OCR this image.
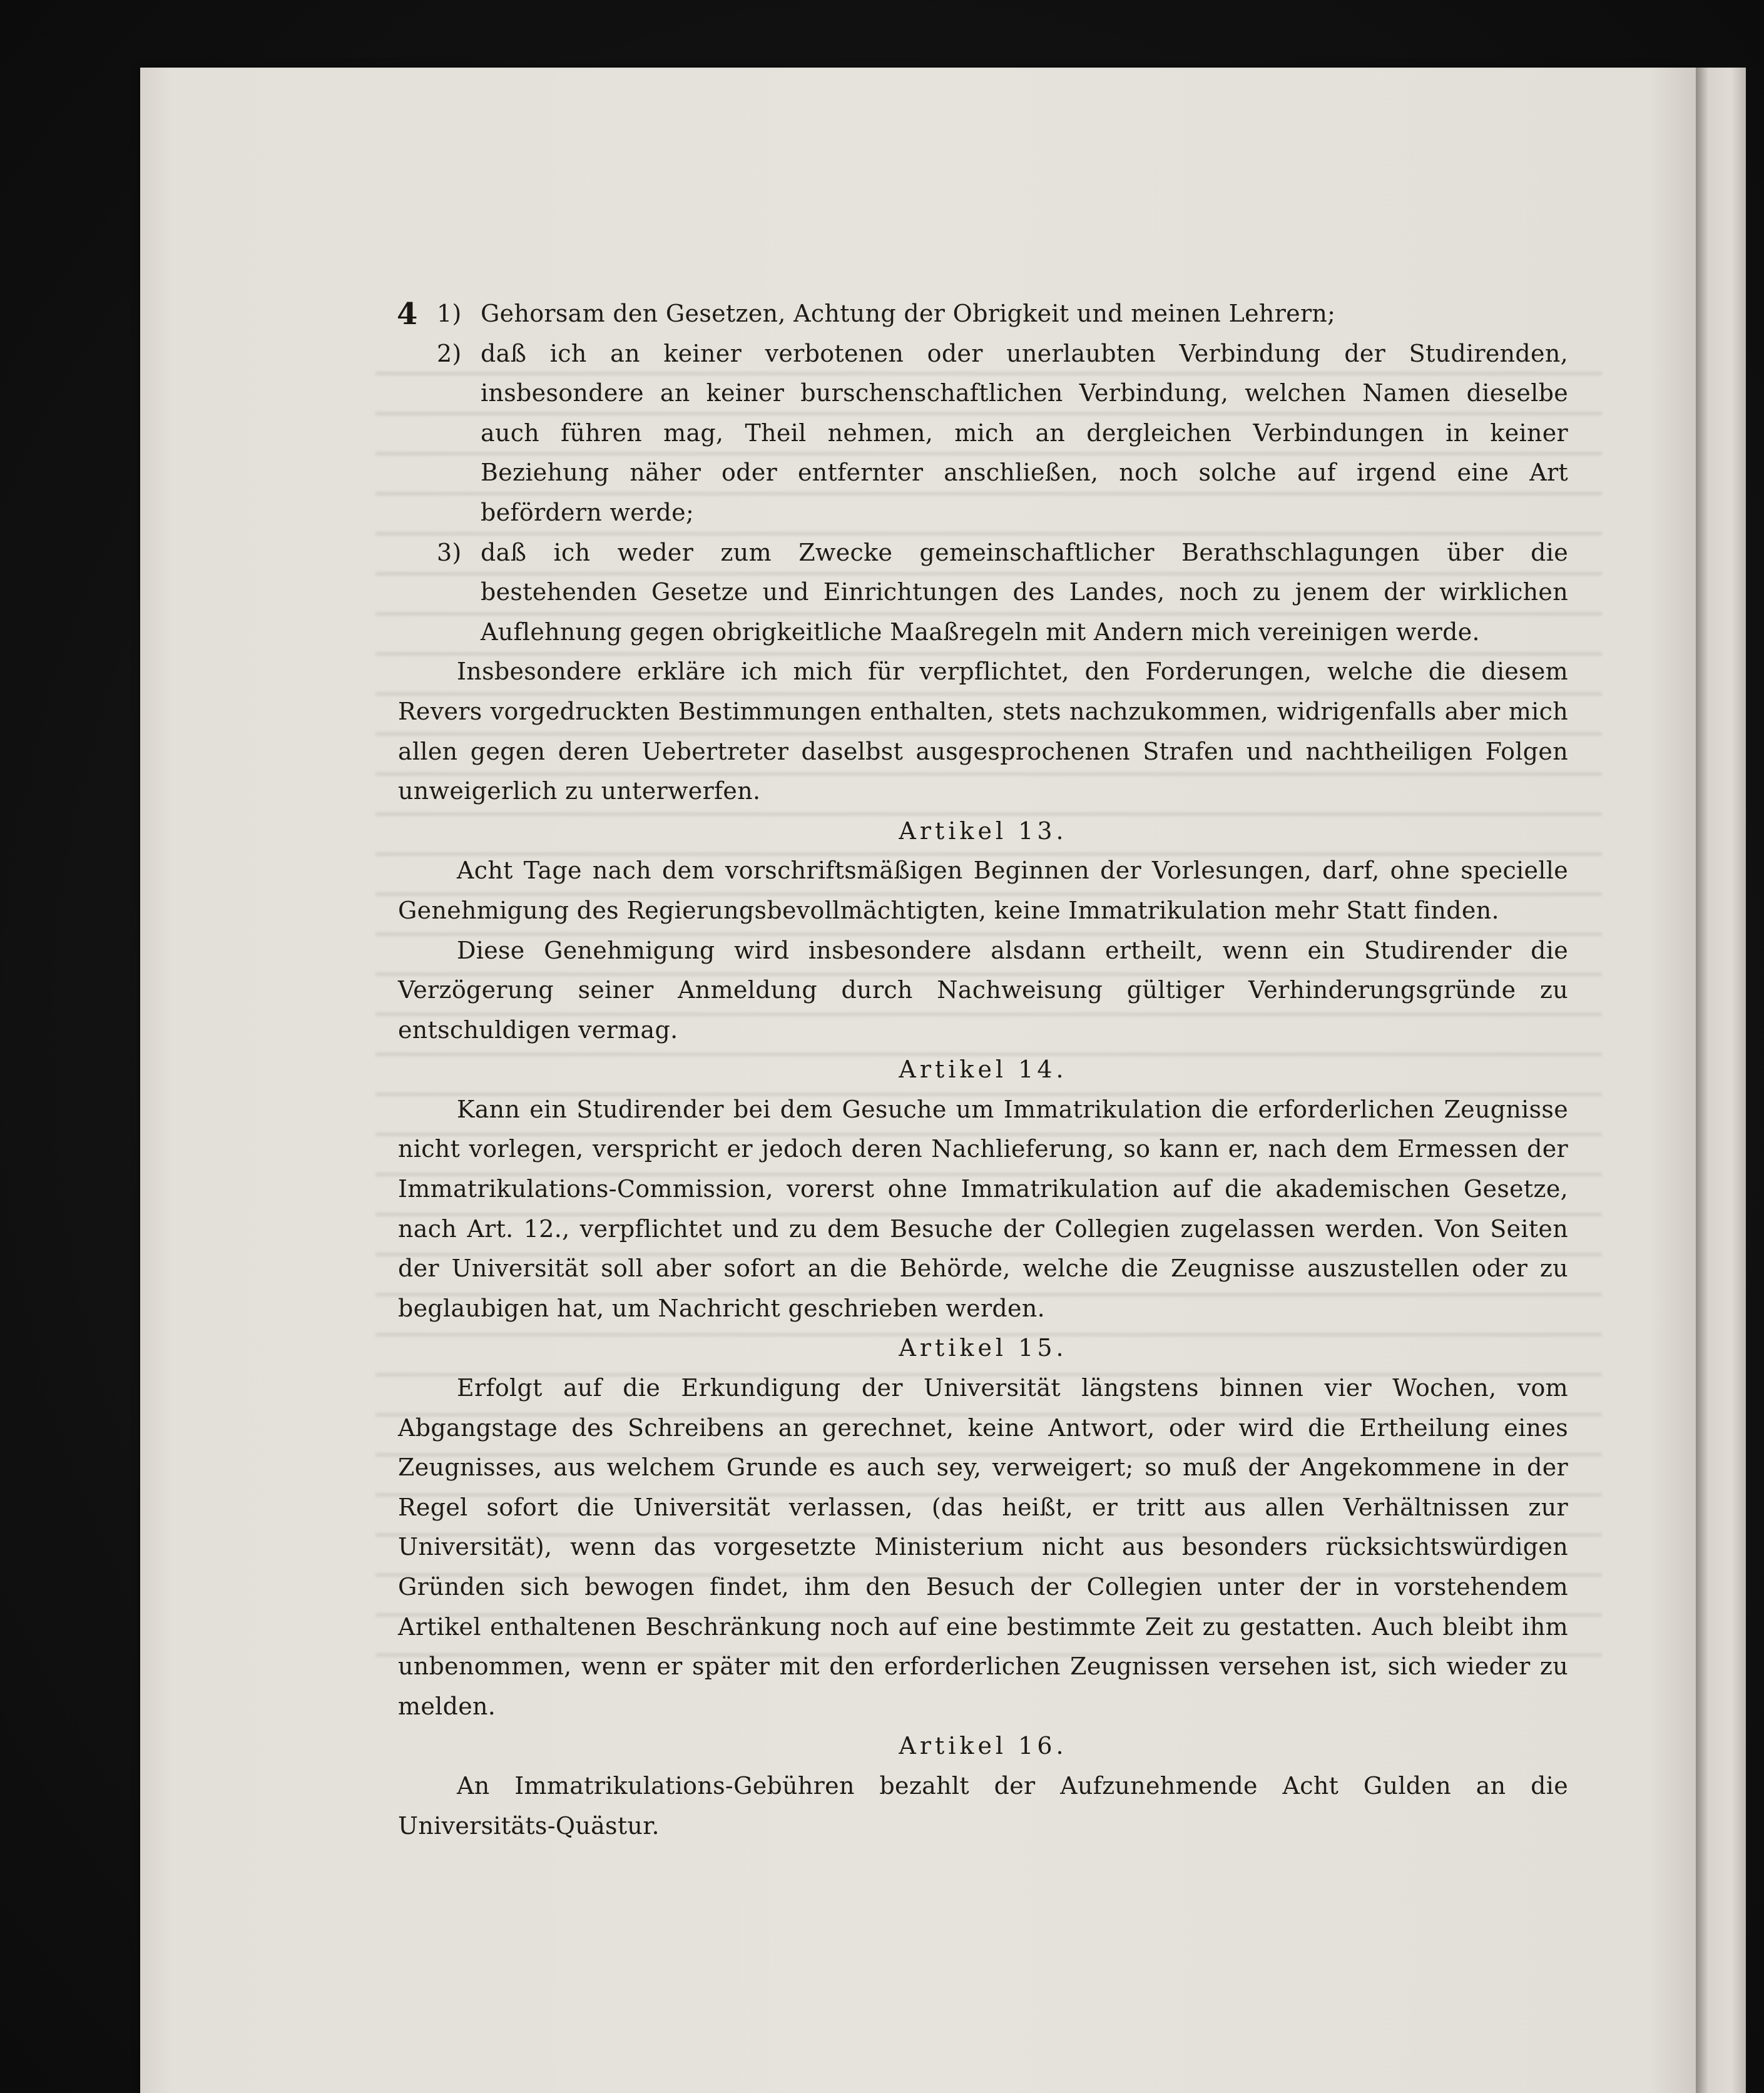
4 1) Gehorsam den Gesetzen, Achtung der Obrigkeit und meinen Lehrern;
2) daß ich an keiner verbotenen oder unerlaubten Verbindung der Studirenden, insbesondere an keiner burschenschaftlichen Verbindung, welchen Namen dieselbe auch führen mag, Theil nehmen, mich an dergleichen Verbindungen in keiner Beziehung näher oder entfernter anschließen, noch solche auf irgend eine Art befördern werde;
3) daß ich weder zum Zwecke gemeinschaftlicher Berathschlagungen über die bestehenden Gesetze und Einrichtungen des Landes, noch zu jenem der wirklichen Auflehnung gegen obrigkeitliche Maaßregeln mit Andern mich vereinigen werde.

Insbesondere erkläre ich mich für verpflichtet, den Forderungen, welche die diesem Revers vorgedruckten Bestimmungen enthalten, stets nachzukommen, widrigenfalls aber mich allen gegen deren Uebertreter daselbst ausgesprochenen Strafen und nachtheiligen Folgen unweigerlich zu unterwerfen.

Artikel 13.

Acht Tage nach dem vorschriftsmäßigen Beginnen der Vorlesungen, darf, ohne specielle Genehmigung des Regierungsbevollmächtigten, keine Immatrikulation mehr Statt finden.

Diese Genehmigung wird insbesondere alsdann ertheilt, wenn ein Studirender die Verzögerung seiner Anmeldung durch Nachweisung gültiger Verhinderungsgründe zu entschuldigen vermag.

Artikel 14.

Kann ein Studirender bei dem Gesuche um Immatrikulation die erforderlichen Zeugnisse nicht vorlegen, verspricht er jedoch deren Nachlieferung, so kann er, nach dem Ermessen der Immatrikulations-Commission, vorerst ohne Immatrikulation auf die akademischen Gesetze, nach Art. 12., verpflichtet und zu dem Besuche der Collegien zugelassen werden. Von Seiten der Universität soll aber sofort an die Behörde, welche die Zeugnisse auszustellen oder zu beglaubigen hat, um Nachricht geschrieben werden.

Artikel 15.

Erfolgt auf die Erkundigung der Universität längstens binnen vier Wochen, vom Abgangstage des Schreibens an gerechnet, keine Antwort, oder wird die Ertheilung eines Zeugnisses, aus welchem Grunde es auch sey, verweigert; so muß der Angekommene in der Regel sofort die Universität verlassen, (das heißt, er tritt aus allen Verhältnissen zur Universität), wenn das vorgesetzte Ministerium nicht aus besonders rücksichtswürdigen Gründen sich bewogen findet, ihm den Besuch der Collegien unter der in vorstehendem Artikel enthaltenen Beschränkung noch auf eine bestimmte Zeit zu gestatten. Auch bleibt ihm unbenommen, wenn er später mit den erforderlichen Zeugnissen versehen ist, sich wieder zu melden.

Artikel 16.

An Immatrikulations-Gebühren bezahlt der Aufzunehmende Acht Gulden an die Universitäts-Quästur.
